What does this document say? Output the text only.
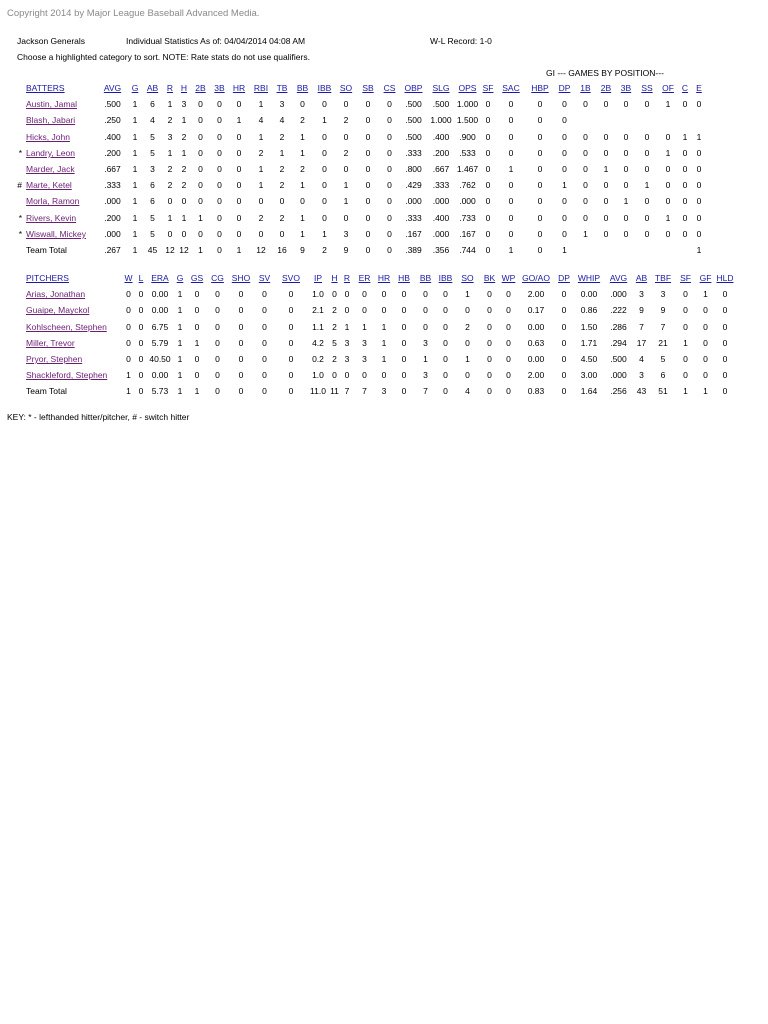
Copyright 2014 by Major League Baseball Advanced Media.
Jackson Generals	Individual Statistics As of: 04/04/2014 04:08 AM	W-L Record: 1-0
Choose a highlighted category to sort. NOTE: Rate stats do not use qualifiers.
GI --- GAMES BY POSITION---
	BATTERS	AVG	G	AB	R	H	2B	3B	HR	RBI	TB	BB	IBB	SO	SB	CS	OBP	SLG	OPS	SF	SAC	HBP	DP	1B	2B	3B	SS	OF	C	E
	Austin, Jamal	.500	1	6	1	3	0	0	0	1	3	0	0	0	0	0	.500	.500	1.000	0	0	0	0	0	0	0	0	1	0	0
	Blash, Jabari	.250	1	4	2	1	0	0	1	4	4	2	1	2	0	0	.500	1.000	1.500	0	0	0	0							
	Hicks, John	.400	1	5	3	2	0	0	0	1	2	1	0	0	0	0	.500	.400	.900	0	0	0	0	0	0	0	0	0	1	1
*	Landry, Leon	.200	1	5	1	1	0	0	0	2	1	1	0	2	0	0	.333	.200	.533	0	0	0	0	0	0	0	0	1	0	0
	Marder, Jack	.667	1	3	2	2	0	0	0	1	2	2	0	0	0	0	.800	.667	1.467	0	1	0	0	0	1	0	0	0	0	0
#	Marte, Ketel	.333	1	6	2	2	0	0	0	1	2	1	0	1	0	0	.429	.333	.762	0	0	0	1	0	0	0	1	0	0	0
	Morla, Ramon	.000	1	6	0	0	0	0	0	0	0	0	0	1	0	0	.000	.000	.000	0	0	0	0	0	0	1	0	0	0	0
*	Rivers, Kevin	.200	1	5	1	1	1	0	0	2	2	1	0	0	0	0	.333	.400	.733	0	0	0	0	0	0	0	0	1	0	0
*	Wiswall, Mickey	.000	1	5	0	0	0	0	0	0	0	1	1	3	0	0	.167	.000	.167	0	0	0	0	1	0	0	0	0	0	0
	Team Total	.267	1	45	12	12	1	0	1	12	16	9	2	9	0	0	.389	.356	.744	0	1	0	1							1
	PITCHERS	W	L	ERA	G	GS	CG	SHO	SV	SVO	IP	H	R	ER	HR	HB	BB	IBB	SO	BK	WP	GO/AO	DP	WHIP	AVG	AB	TBF	SF	GF	HLD
	Arias, Jonathan	0	0	0.00	1	0	0	0	0	0	1.0	0	0	0	0	0	0	0	1	0	0	2.00	0	0.00	.000	3	3	0	1	0
	Guaipe, Mayckol	0	0	0.00	1	0	0	0	0	0	2.1	2	0	0	0	0	0	0	0	0	0	0.17	0	0.86	.222	9	9	0	0	0
	Kohlscheen, Stephen	0	0	6.75	1	0	0	0	0	0	1.1	2	1	1	1	0	0	0	2	0	0	0.00	0	1.50	.286	7	7	0	0	0
	Miller, Trevor	0	0	5.79	1	1	0	0	0	0	4.2	5	3	3	1	0	3	0	0	0	0	0.63	0	1.71	.294	17	21	1	0	0
	Pryor, Stephen	0	0	40.50	1	0	0	0	0	0	0.2	2	3	3	1	0	1	0	1	0	0	0.00	0	4.50	.500	4	5	0	0	0
	Shackleford, Stephen	1	0	0.00	1	0	0	0	0	0	1.0	0	0	0	0	0	3	0	0	0	0	2.00	0	3.00	.000	3	6	0	0	0
	Team Total	1	0	5.73	1	1	0	0	0	0	11.0	11	7	7	3	0	7	0	4	0	0	0.83	0	1.64	.256	43	51	1	1	0
KEY: * - lefthanded hitter/pitcher, # - switch hitter
